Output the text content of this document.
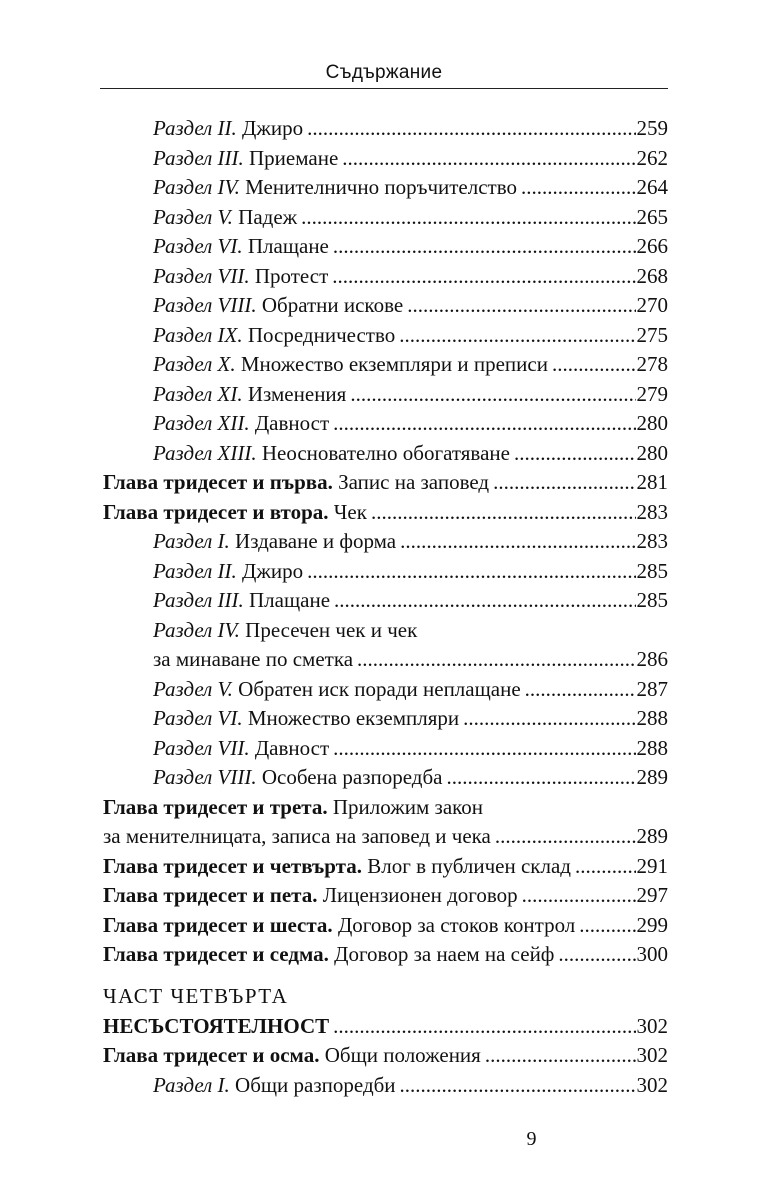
Съдържание
Раздел II. Джиро .....	259
Раздел III. Приемане .....	262
Раздел IV. Менителнично поръчителство .....	264
Раздел V. Падеж .....	265
Раздел VI. Плащане .....	266
Раздел VII. Протест .....	268
Раздел VIII. Обратни искове .....	270
Раздел IX. Посредничество .....	275
Раздел X. Множество екземпляри и преписи .....	278
Раздел XI. Изменения .....	279
Раздел XII. Давност .....	280
Раздел XIII. Неоснователно обогатяване .....	280
Глава тридесет и първа. Запис на заповед .....	281
Глава тридесет и втора. Чек .....	283
Раздел I. Издаване и форма .....	283
Раздел II. Джиро .....	285
Раздел III. Плащане .....	285
Раздел IV. Пресечен чек и чек
за минаване по сметка .....	286
Раздел V. Обратен иск поради неплащане .....	287
Раздел VI. Множество екземпляри .....	288
Раздел VII. Давност .....	288
Раздел VIII. Особена разпоредба .....	289
Глава тридесет и трета. Приложим закон
за менителницата, записа на заповед и чека .....	289
Глава тридесет и четвърта. Влог в публичен склад .....	291
Глава тридесет и пета. Лицензионен договор .....	297
Глава тридесет и шеста. Договор за стоков контрол .....	299
Глава тридесет и седма. Договор за наем на сейф .....	300
ЧАСТ ЧЕТВЪРТА
НЕСЪСТОЯТЕЛНОСТ .....	302
Глава тридесет и осма. Общи положения .....	302
Раздел I. Общи разпоредби .....	302
9
